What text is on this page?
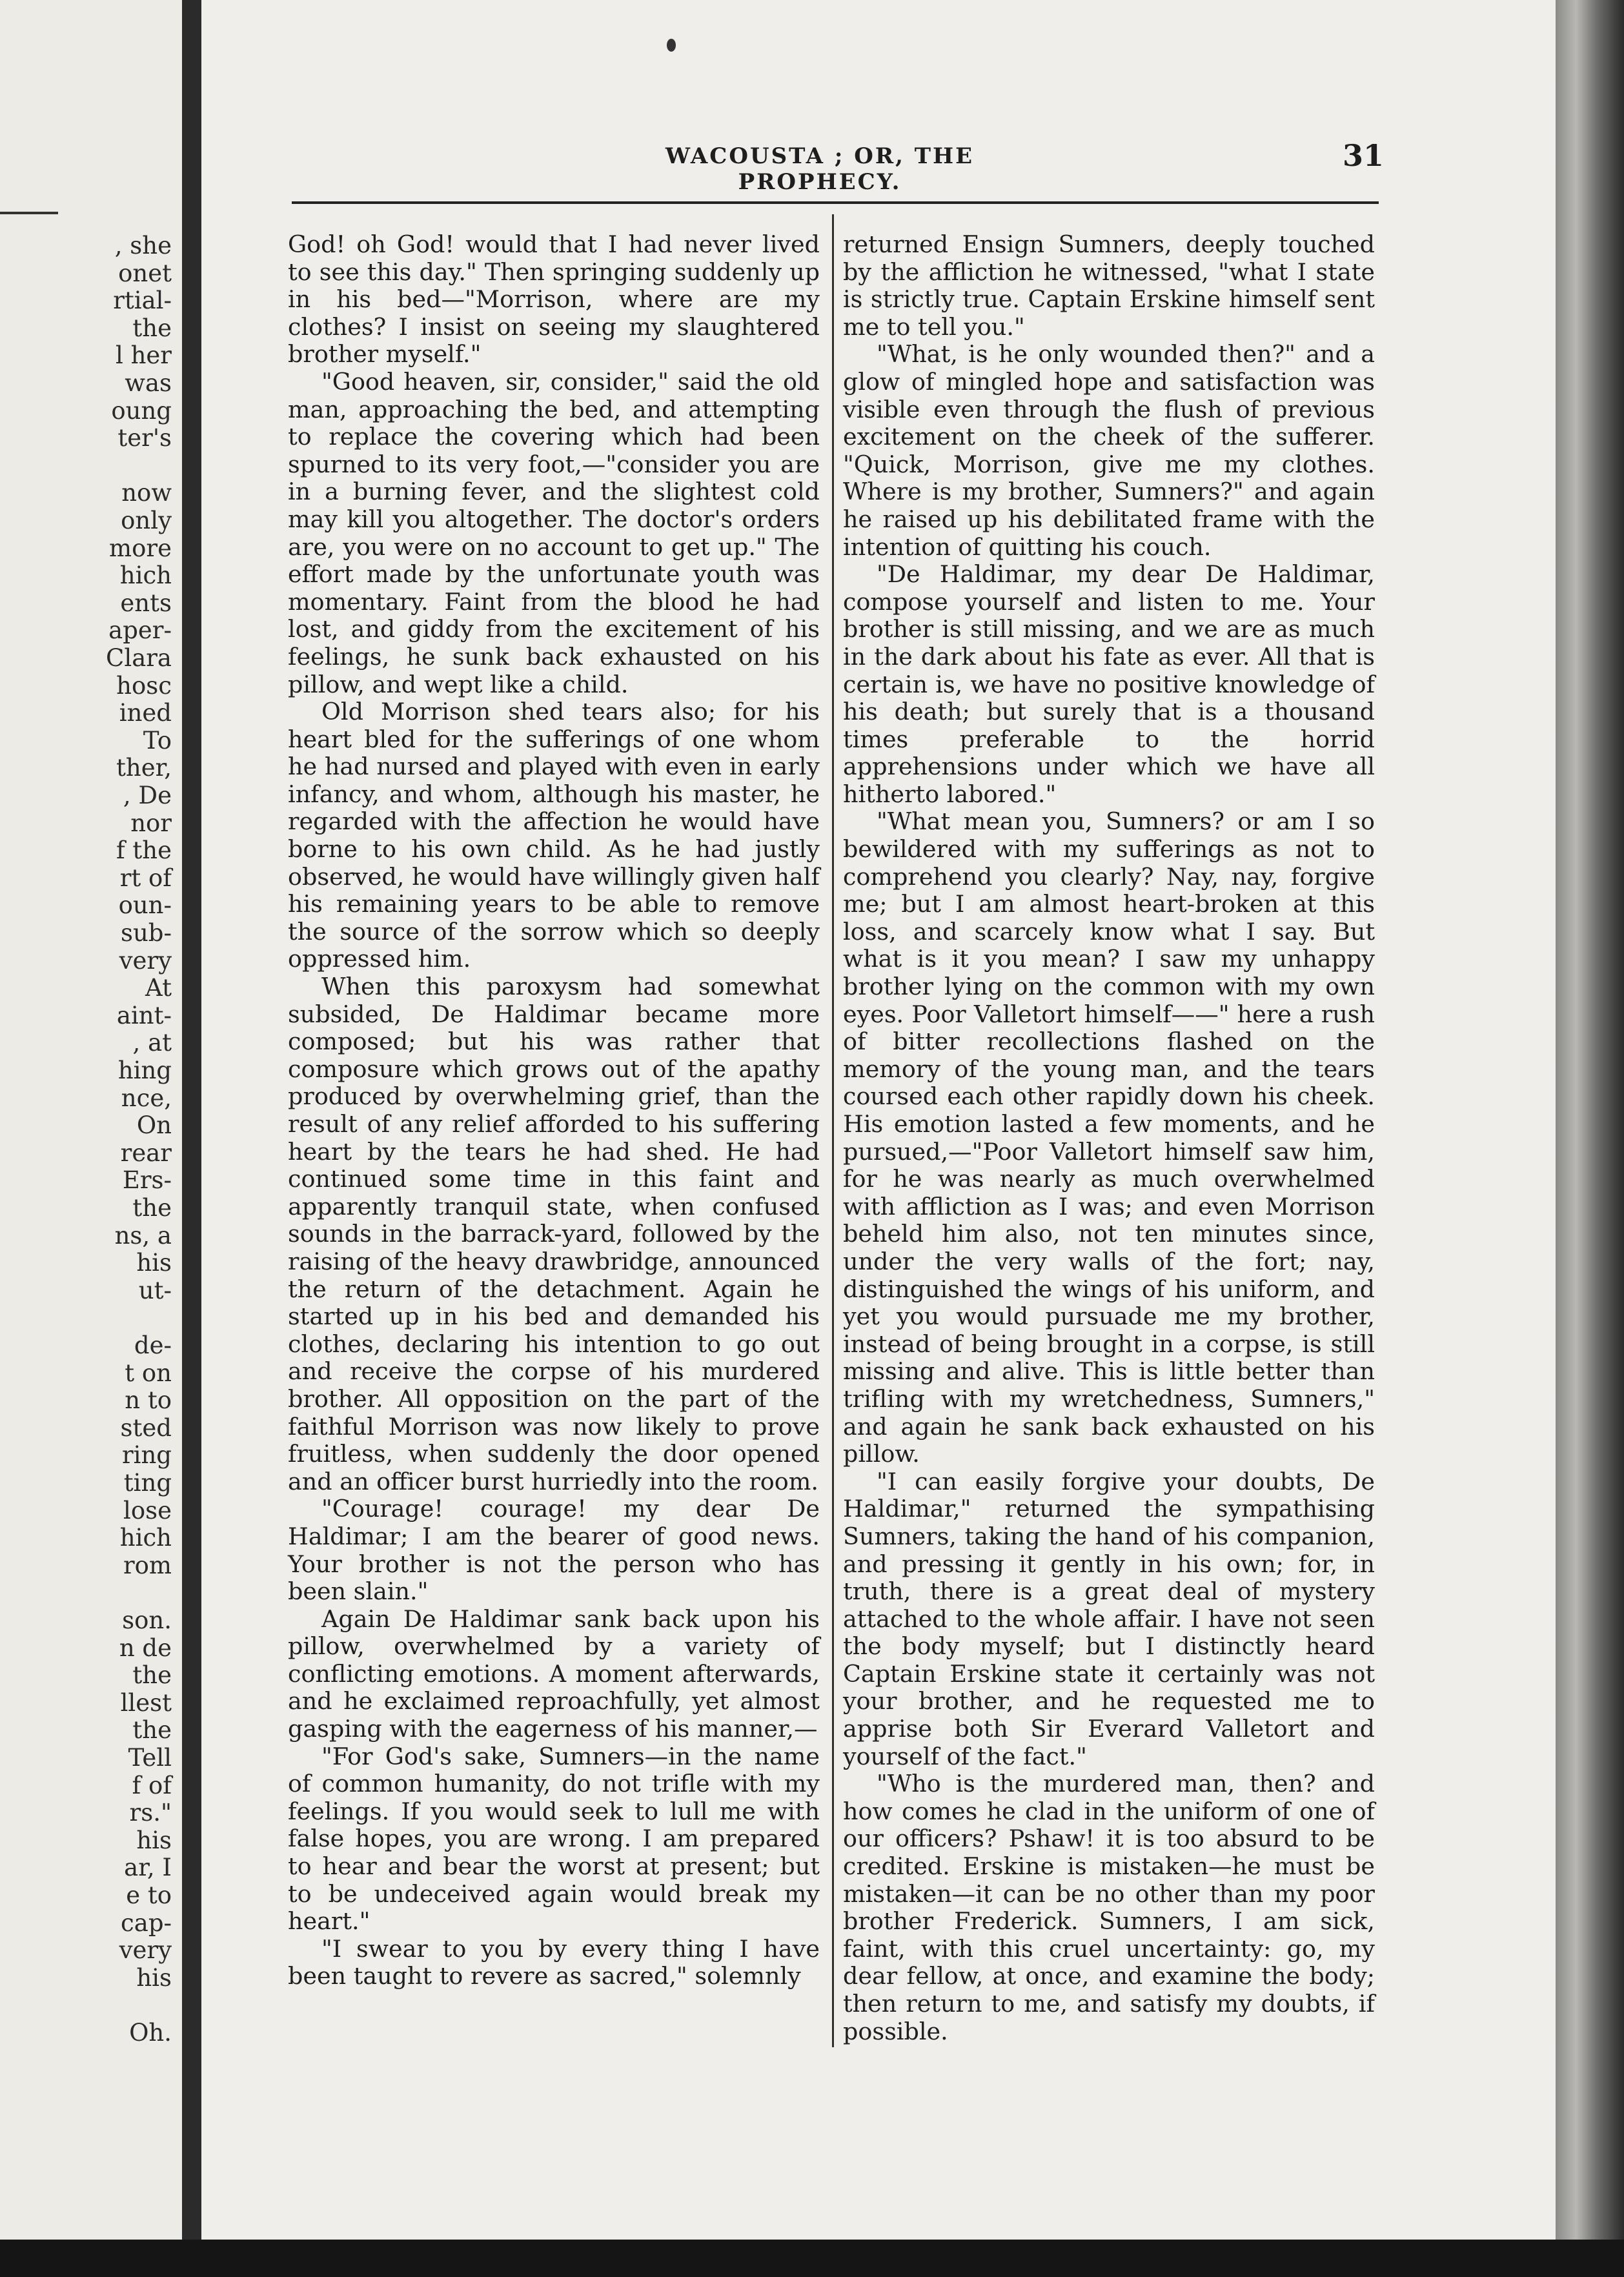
, she
onet
rtial-
the
l her
was
oung
ter's
now
only
more
hich
ents
aper-
Clara
hosc
ined
To
ther,
, De
nor
f the
rt of
oun-
sub-
very
At
aint-
, at
hing
nce,
On
rear
Ers-
the
ns, a
his
ut-
de-
t on
n to
sted
ring
ting
lose
hich
rom
son.
n de
the
llest
the
Tell
f of
rs."
his
ar, I
e to
cap-
very
his
Oh.
WACOUSTA ; OR, THE PROPHECY.
31

God! oh God! would that I had never lived to see this day." Then springing suddenly up in his bed—"Morrison, where are my clothes? I insist on seeing my slaughtered brother myself."

"Good heaven, sir, consider," said the old man, approaching the bed, and attempting to replace the covering which had been spurned to its very foot,—"consider you are in a burning fever, and the slightest cold may kill you altogether. The doctor's orders are, you were on no account to get up." The effort made by the unfortunate youth was momentary. Faint from the blood he had lost, and giddy from the excitement of his feelings, he sunk back exhausted on his pillow, and wept like a child.

Old Morrison shed tears also; for his heart bled for the sufferings of one whom he had nursed and played with even in early infancy, and whom, although his master, he regarded with the affection he would have borne to his own child. As he had justly observed, he would have willingly given half his remaining years to be able to remove the source of the sorrow which so deeply oppressed him.

When this paroxysm had somewhat subsided, De Haldimar became more composed; but his was rather that composure which grows out of the apathy produced by overwhelming grief, than the result of any relief afforded to his suffering heart by the tears he had shed. He had continued some time in this faint and apparently tranquil state, when confused sounds in the barrack-yard, followed by the raising of the heavy drawbridge, announced the return of the detachment. Again he started up in his bed and demanded his clothes, declaring his intention to go out and receive the corpse of his murdered brother. All opposition on the part of the faithful Morrison was now likely to prove fruitless, when suddenly the door opened and an officer burst hurriedly into the room.

"Courage! courage! my dear De Haldimar; I am the bearer of good news. Your brother is not the person who has been slain."

Again De Haldimar sank back upon his pillow, overwhelmed by a variety of conflicting emotions. A moment afterwards, and he exclaimed reproachfully, yet almost gasping with the eagerness of his manner,—

"For God's sake, Sumners—in the name of common humanity, do not trifle with my feelings. If you would seek to lull me with false hopes, you are wrong. I am prepared to hear and bear the worst at present; but to be undeceived again would break my heart."

"I swear to you by every thing I have been taught to revere as sacred," solemnly

returned Ensign Sumners, deeply touched by the affliction he witnessed, "what I state is strictly true. Captain Erskine himself sent me to tell you."

"What, is he only wounded then?" and a glow of mingled hope and satisfaction was visible even through the flush of previous excitement on the cheek of the sufferer. "Quick, Morrison, give me my clothes. Where is my brother, Sumners?" and again he raised up his debilitated frame with the intention of quitting his couch.

"De Haldimar, my dear De Haldimar, compose yourself and listen to me. Your brother is still missing, and we are as much in the dark about his fate as ever. All that is certain is, we have no positive knowledge of his death; but surely that is a thousand times preferable to the horrid apprehensions under which we have all hitherto labored."

"What mean you, Sumners? or am I so bewildered with my sufferings as not to comprehend you clearly? Nay, nay, forgive me; but I am almost heart-broken at this loss, and scarcely know what I say. But what is it you mean? I saw my unhappy brother lying on the common with my own eyes. Poor Valletort himself——" here a rush of bitter recollections flashed on the memory of the young man, and the tears coursed each other rapidly down his cheek. His emotion lasted a few moments, and he pursued,—"Poor Valletort himself saw him, for he was nearly as much overwhelmed with affliction as I was; and even Morrison beheld him also, not ten minutes since, under the very walls of the fort; nay, distinguished the wings of his uniform, and yet you would pursuade me my brother, instead of being brought in a corpse, is still missing and alive. This is little better than trifling with my wretchedness, Sumners," and again he sank back exhausted on his pillow.

"I can easily forgive your doubts, De Haldimar," returned the sympathising Sumners, taking the hand of his companion, and pressing it gently in his own; for, in truth, there is a great deal of mystery attached to the whole affair. I have not seen the body myself; but I distinctly heard Captain Erskine state it certainly was not your brother, and he requested me to apprise both Sir Everard Valletort and yourself of the fact."

"Who is the murdered man, then? and how comes he clad in the uniform of one of our officers? Pshaw! it is too absurd to be credited. Erskine is mistaken—he must be mistaken—it can be no other than my poor brother Frederick. Sumners, I am sick, faint, with this cruel uncertainty: go, my dear fellow, at once, and examine the body; then return to me, and satisfy my doubts, if possible.
